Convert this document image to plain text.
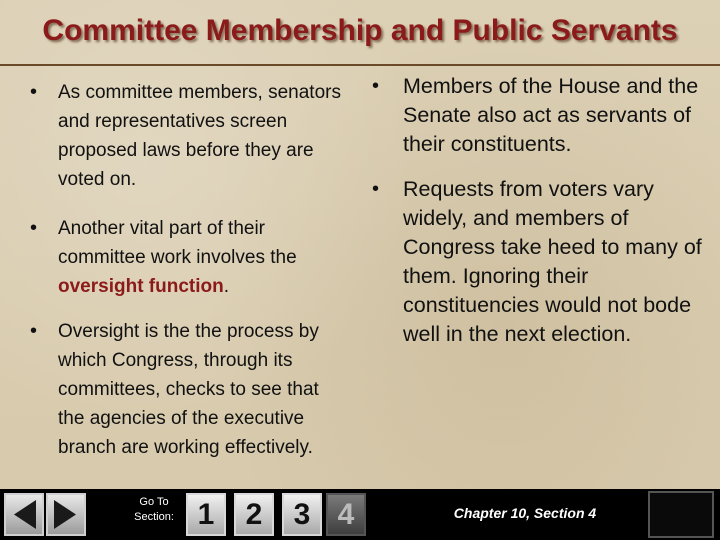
Committee Membership and Public Servants

• As committee members, senators and representatives screen proposed laws before they are voted on.

• Another vital part of their committee work involves the oversight function.

• Oversight is the the process by which Congress, through its committees, checks to see that the agencies of the executive branch are working effectively.

• Members of the House and the Senate also act as servants of their constituents.

• Requests from voters vary widely, and members of Congress take heed to many of them. Ignoring their constituencies would not bode well in the next election.

Go To
Section: 1	2	3 4	Chapter 10, Section 4
